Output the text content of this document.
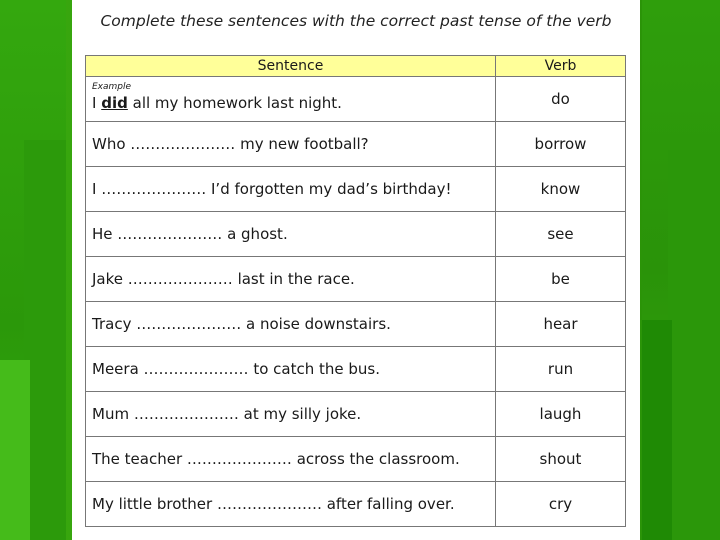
Complete these sentences with the correct past tense of the verb
Sentence	Verb

Example
I did all my homework last night.	do
Who ………………… my new football?	borrow
I ………………… I’d forgotten my dad’s birthday!	know
He ………………… a ghost.	see
Jake ………………… last in the race.	be
Tracy ………………… a noise downstairs.	hear
Meera ………………… to catch the bus.	run
Mum ………………… at my silly joke.	laugh
The teacher ………………… across the classroom.	shout
My little brother ………………… after falling over.	cry
